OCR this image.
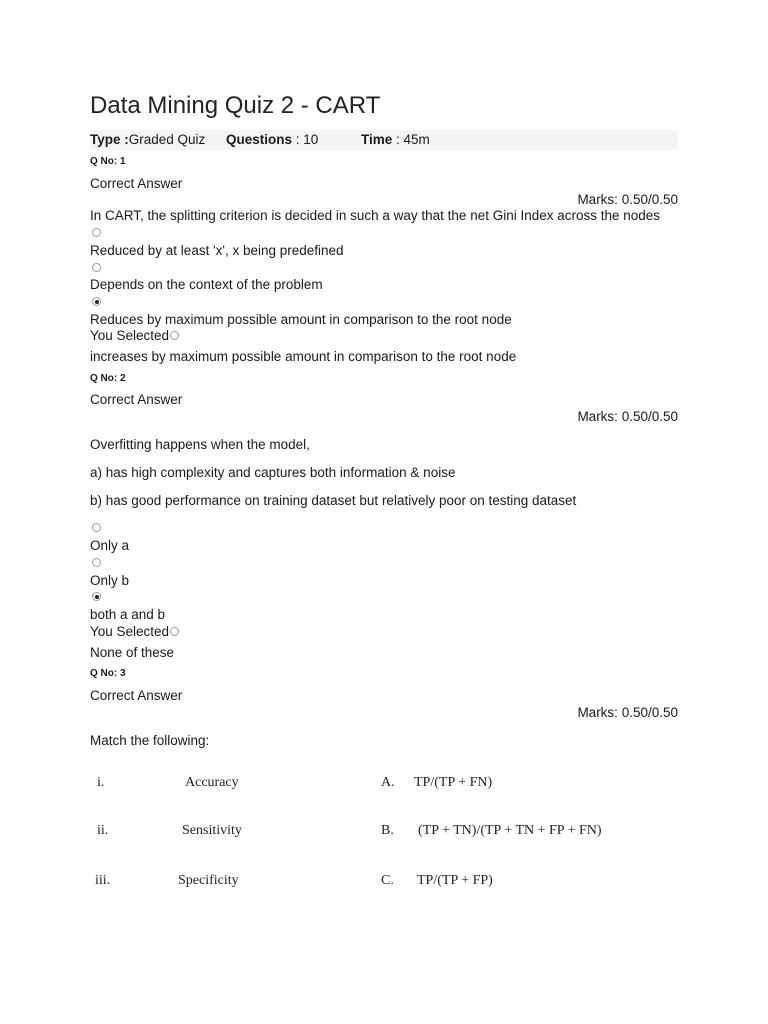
Data Mining Quiz 2 - CART
Type :Graded Quiz Questions : 10	Time : 45m
Q No: 1
Correct Answer
Marks: 0.50/0.50
In CART, the splitting criterion is decided in such a way that the net Gini Index across the nodes
Reduced by at least 'x', x being predefined
Depends on the context of the problem
Reduces by maximum possible amount in comparison to the root node
You Selected
increases by maximum possible amount in comparison to the root node
Q No: 2
Correct Answer
Marks: 0.50/0.50
Overfitting happens when the model,
a) has high complexity and captures both information & noise
b) has good performance on training dataset but relatively poor on testing dataset
Only a
Only b
both a and b
You Selected
None of these
Q No: 3
Correct Answer
Marks: 0.50/0.50
Match the following:
i.	Accuracy	A. TP/(TP + FN)
ii.	Sensitivity	B. (TP + TN)/(TP + TN + FP + FN)
iii.	Specificity	C. TP/(TP + FP)
